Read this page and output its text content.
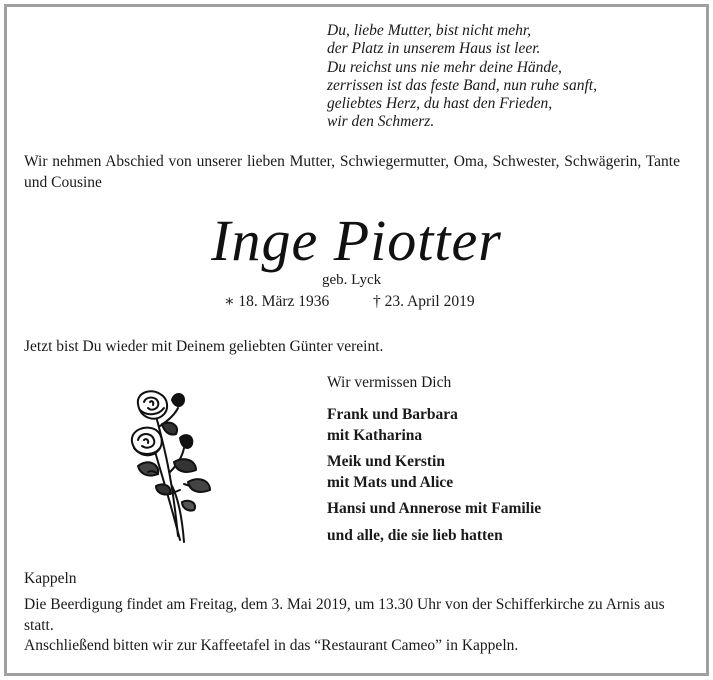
Du, liebe Mutter, bist nicht mehr,
der Platz in unserem Haus ist leer.
Du reichst uns nie mehr deine Hände,
zerrissen ist das feste Band, nun ruhe sanft,
geliebtes Herz, du hast den Frieden,
wir den Schmerz.
Wir nehmen Abschied von unserer lieben Mutter, Schwiegermutter, Oma, Schwester, Schwägerin, Tante und Cousine
Inge Piotter
geb. Lyck
∗ 18. März 1936	† 23. April 2019
Jetzt bist Du wieder mit Deinem geliebten Günter vereint.
Wir vermissen Dich
Frank und Barbara
mit Katharina
Meik und Kerstin
mit Mats und Alice
Hansi und Annerose mit Familie
und alle, die sie lieb hatten
Kappeln
Die Beerdigung findet am Freitag, dem 3. Mai 2019, um 13.30 Uhr von der Schifferkirche zu Arnis aus statt.
Anschließend bitten wir zur Kaffeetafel in das “Restaurant Cameo” in Kappeln.
